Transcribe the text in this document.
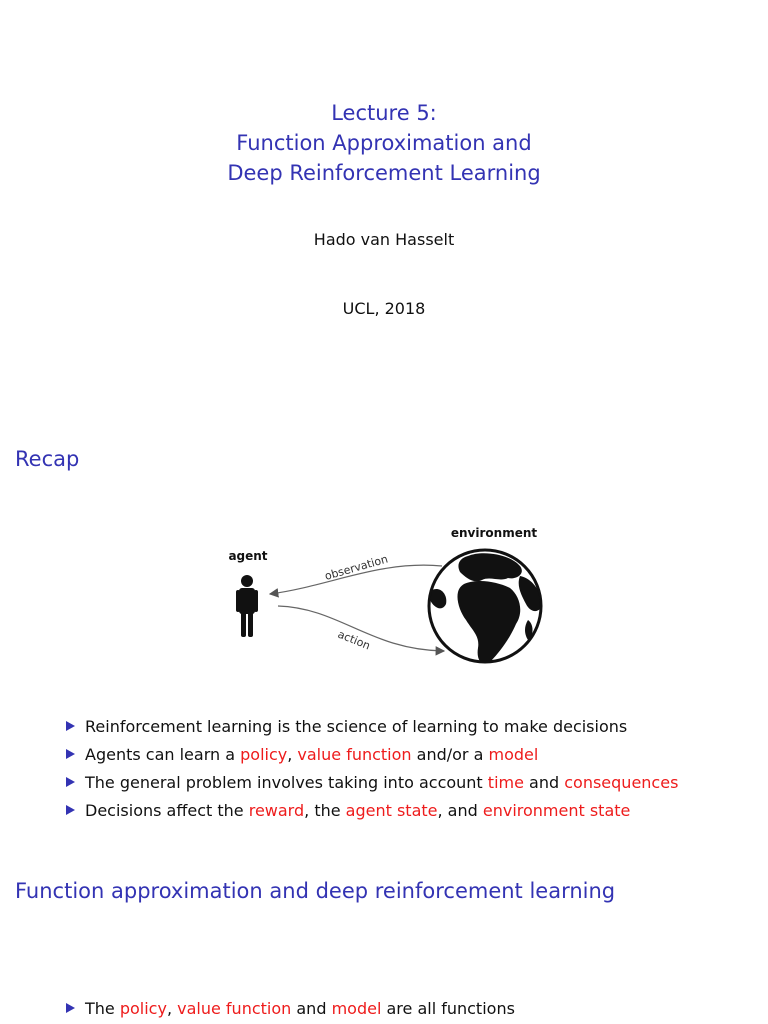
Lecture 5:
Function Approximation and
Deep Reinforcement Learning
Hado van Hasselt
UCL, 2018
Recap
agent
environment
observation
action
Reinforcement learning is the science of learning to make decisions
Agents can learn a policy, value function and/or a model
The general problem involves taking into account time and consequences
Decisions affect the reward, the agent state, and environment state
Function approximation and deep reinforcement learning
The policy, value function and model are all functions
